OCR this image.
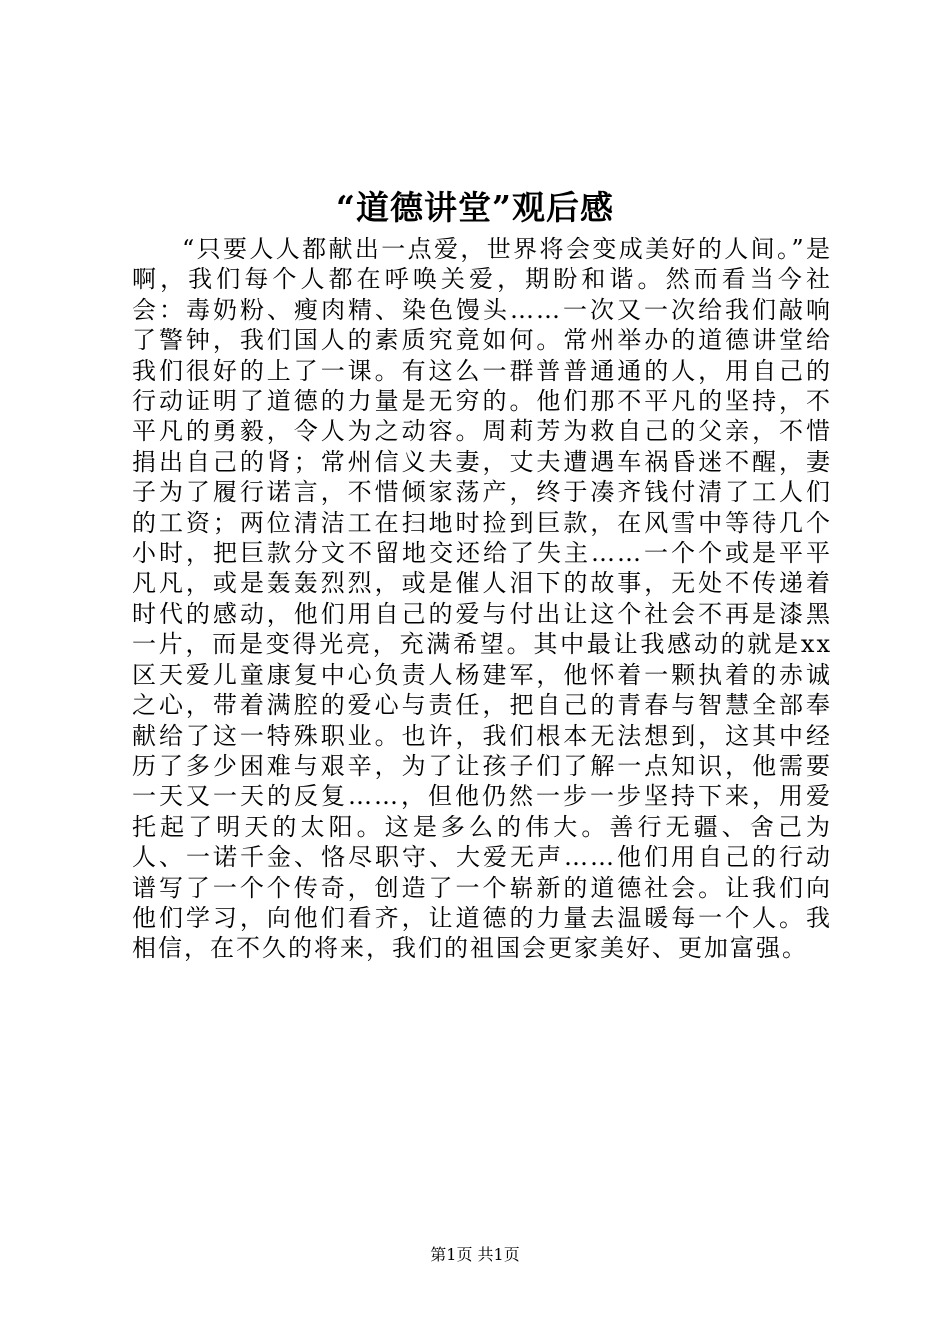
“道德讲堂”观后感

“只要人人都献出一点爱，世界将会变成美好的人间。”是啊，我们每个人都在呼唤关爱，期盼和谐。然而看当今社会：毒奶粉、瘦肉精、染色馒头……一次又一次给我们敲响了警钟，我们国人的素质究竟如何。常州举办的道德讲堂给我们很好的上了一课。有这么一群普普通通的人，用自己的行动证明了道德的力量是无穷的。他们那不平凡的坚持，不平凡的勇毅，令人为之动容。周莉芳为救自己的父亲，不惜捐出自己的肾；常州信义夫妻，丈夫遭遇车祸昏迷不醒，妻子为了履行诺言，不惜倾家荡产，终于凑齐钱付清了工人们的工资；两位清洁工在扫地时捡到巨款，在风雪中等待几个小时，把巨款分文不留地交还给了失主……一个个或是平平凡凡，或是轰轰烈烈，或是催人泪下的故事，无处不传递着时代的感动，他们用自己的爱与付出让这个社会不再是漆黑一片，而是变得光亮，充满希望。其中最让我感动的就是xx区天爱儿童康复中心负责人杨建军，他怀着一颗执着的赤诚之心，带着满腔的爱心与责任，把自己的青春与智慧全部奉献给了这一特殊职业。也许，我们根本无法想到，这其中经历了多少困难与艰辛，为了让孩子们了解一点知识，他需要一天又一天的反复……，但他仍然一步一步坚持下来，用爱托起了明天的太阳。这是多么的伟大。善行无疆、舍己为人、一诺千金、恪尽职守、大爱无声……他们用自己的行动谱写了一个个传奇，创造了一个崭新的道德社会。让我们向他们学习，向他们看齐，让道德的力量去温暖每一个人。我相信，在不久的将来，我们的祖国会更家美好、更加富强。

第1页 共1页
